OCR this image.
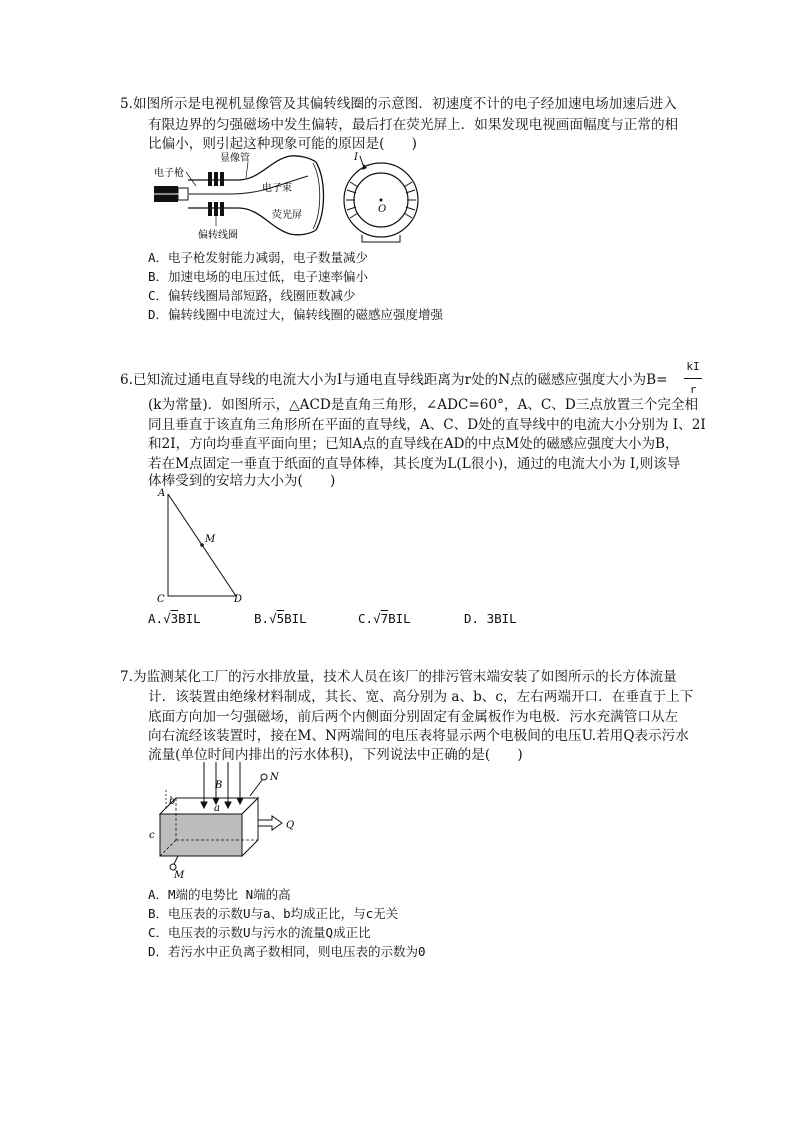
5.如图所示是电视机显像管及其偏转线圈的示意图．初速度不计的电子经加速电场加速后进入
有限边界的匀强磁场中发生偏转，最后打在荧光屏上．如果发现电视画面幅度与正常的相
比偏小，则引起这种现象可能的原因是(　　)
电子枪
显像管
电子束
荧光屏
偏转线圈
I
O
A．电子枪发射能力减弱，电子数量减少
B．加速电场的电压过低，电子速率偏小
C．偏转线圈局部短路，线圈匝数减少
D．偏转线圈中电流过大，偏转线圈的磁感应强度增强
6.已知流过通电直导线的电流大小为I与通电直导线距离为r处的N点的磁感应强度大小为$B= \frac{kI}{r}$
(k为常量)．如图所示，△ACD是直角三角形，∠ADC=60°，A、C、D三点放置三个完全相
同且垂直于该直角三角形所在平面的直导线，A、C、D处的直导线中的电流大小分别为 I、2I
和2I，方向均垂直平面向里；已知A点的直导线在AD的中点M处的磁感应强度大小为B，
若在M点固定一垂直于纸面的直导体棒，其长度为L(L很小)，通过的电流大小为 I,则该导
体棒受到的安培力大小为(　　)
A
M
C	D
A.√3BIL	B.√5BIL	C.√7BIL	D. 3BIL
7.为监测某化工厂的污水排放量，技术人员在该厂的排污管末端安装了如图所示的长方体流量
计．该装置由绝缘材料制成，其长、宽、高分别为 a、b、c，左右两端开口．在垂直于上下
底面方向加一匀强磁场，前后两个内侧面分别固定有金属板作为电极．污水充满管口从左
向右流经该装置时，接在M、N两端间的电压表将显示两个电极间的电压U.若用Q表示污水
流量(单位时间内排出的污水体积)，下列说法中正确的是(　　)
N
B
b
a
c
Q
M
A．M端的电势比 N端的高
B．电压表的示数U与a、b均成正比，与c无关
C．电压表的示数U与污水的流量Q成正比
D．若污水中正负离子数相同，则电压表的示数为0
